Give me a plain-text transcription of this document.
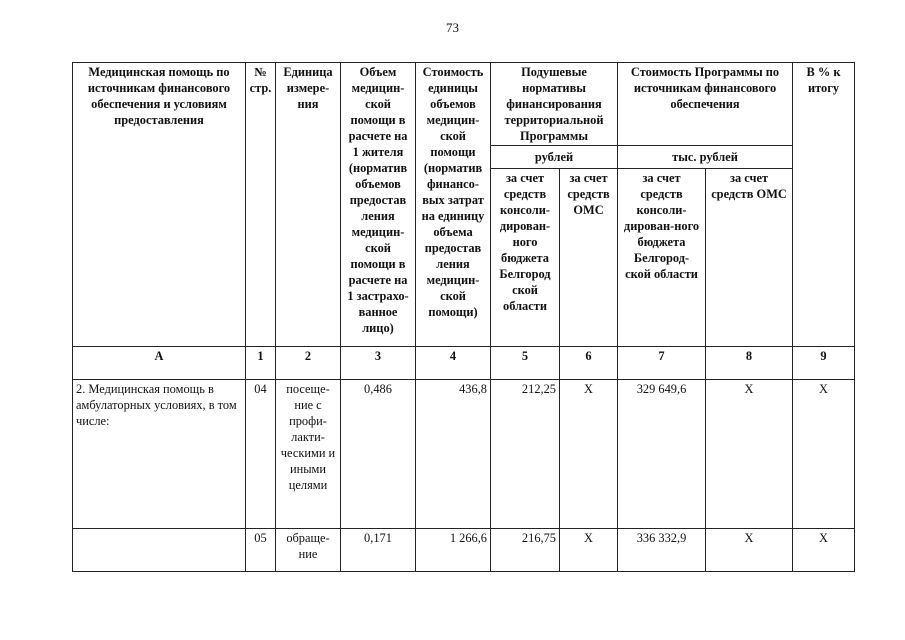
73
Медицинская помощь по источникам финансового обеспечения и условиям предоставления	№ стр.	Единица измере-ния	Объем медицин-ской помощи в расчете на 1 жителя (норматив объемов предостав ления медицин-ской помощи в расчете на 1 застрахо-ванное лицо)	Стоимость единицы объемов медицин-ской помощи (норматив финансо-вых затрат на единицу объема предостав ления медицин-ской помощи)	Подушевые нормативы финансирования территориальной Программы		Стоимость Программы по источникам финансового обеспечения		В % к итогу
					рублей		тыс. рублей		
					за счет средств консоли-дирован-ного бюджета Белгород ской области	за счет средств ОМС	за счет средств консоли-дирован-ного бюджета Белгород-ской области	за счет средств ОМС	
А	1	2	3	4	5	6	7	8	9
2. Медицинская помощь в амбулаторных условиях, в том числе:	04	посеще-ние с профи-лакти-ческими и иными целями	0,486	436,8	212,25	Х	329 649,6	Х	Х
	05	обраще-ние	0,171	1 266,6	216,75	Х	336 332,9	Х	Х
